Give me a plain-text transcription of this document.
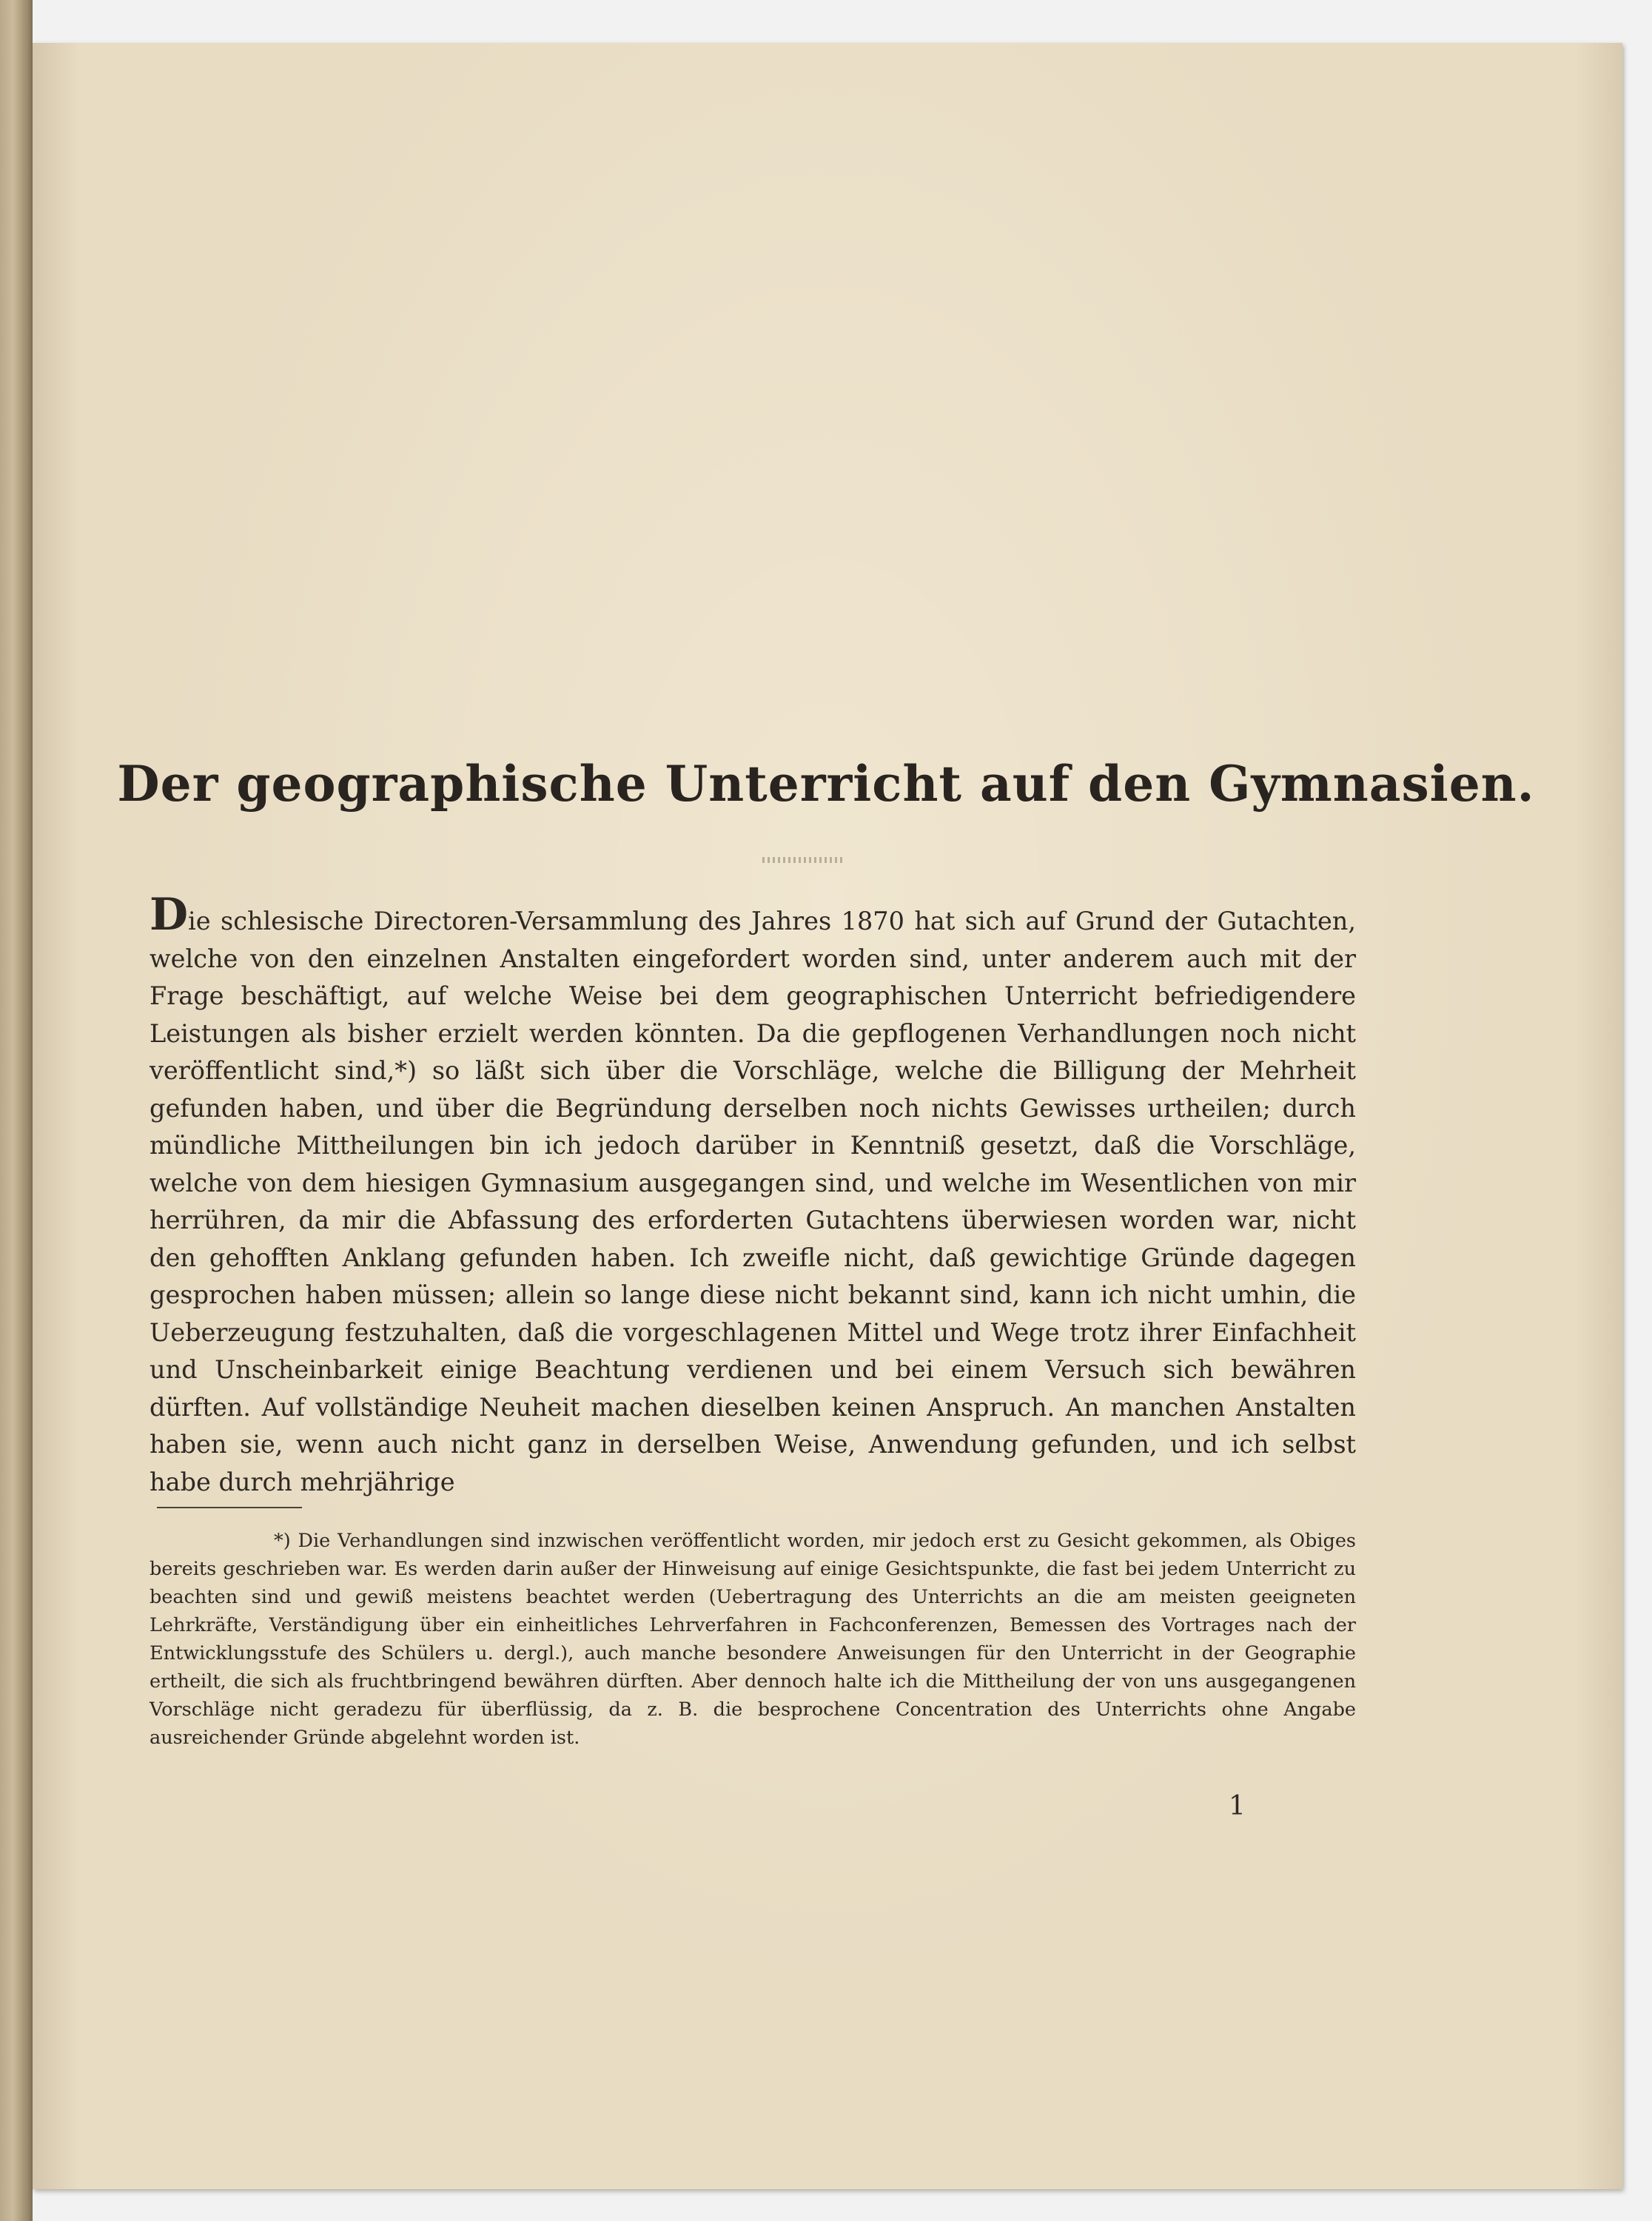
Der geographische Unterricht auf den Gymnasien.

Die schlesische Directoren-Versammlung des Jahres 1870 hat sich auf Grund der Gutachten, welche von den einzelnen Anstalten eingefordert worden sind, unter anderem auch mit der Frage beschäftigt, auf welche Weise bei dem geographischen Unterricht befriedigendere Leistungen als bisher erzielt werden könnten. Da die gepflogenen Verhandlungen noch nicht veröffentlicht sind,*) so läßt sich über die Vorschläge, welche die Billigung der Mehrheit gefunden haben, und über die Begründung derselben noch nichts Gewisses urtheilen; durch mündliche Mittheilungen bin ich jedoch darüber in Kenntniß gesetzt, daß die Vorschläge, welche von dem hiesigen Gymnasium ausgegangen sind, und welche im Wesentlichen von mir herrühren, da mir die Abfassung des erforderten Gutachtens überwiesen worden war, nicht den gehofften Anklang gefunden haben. Ich zweifle nicht, daß gewichtige Gründe dagegen gesprochen haben müssen; allein so lange diese nicht bekannt sind, kann ich nicht umhin, die Ueberzeugung festzuhalten, daß die vorgeschlagenen Mittel und Wege trotz ihrer Einfachheit und Unscheinbarkeit einige Beachtung verdienen und bei einem Versuch sich bewähren dürften. Auf vollständige Neuheit machen dieselben keinen Anspruch. An manchen Anstalten haben sie, wenn auch nicht ganz in derselben Weise, Anwendung gefunden, und ich selbst habe durch mehrjährige

*) Die Verhandlungen sind inzwischen veröffentlicht worden, mir jedoch erst zu Gesicht gekommen, als Obiges bereits geschrieben war. Es werden darin außer der Hinweisung auf einige Gesichtspunkte, die fast bei jedem Unterricht zu beachten sind und gewiß meistens beachtet werden (Uebertragung des Unterrichts an die am meisten geeigneten Lehrkräfte, Verständigung über ein einheitliches Lehrverfahren in Fachconferenzen, Bemessen des Vortrages nach der Entwicklungsstufe des Schülers u. dergl.), auch manche besondere Anweisungen für den Unterricht in der Geographie ertheilt, die sich als fruchtbringend bewähren dürften. Aber dennoch halte ich die Mittheilung der von uns ausgegangenen Vorschläge nicht geradezu für überflüssig, da z. B. die besprochene Concentration des Unterrichts ohne Angabe ausreichender Gründe abgelehnt worden ist.

1
